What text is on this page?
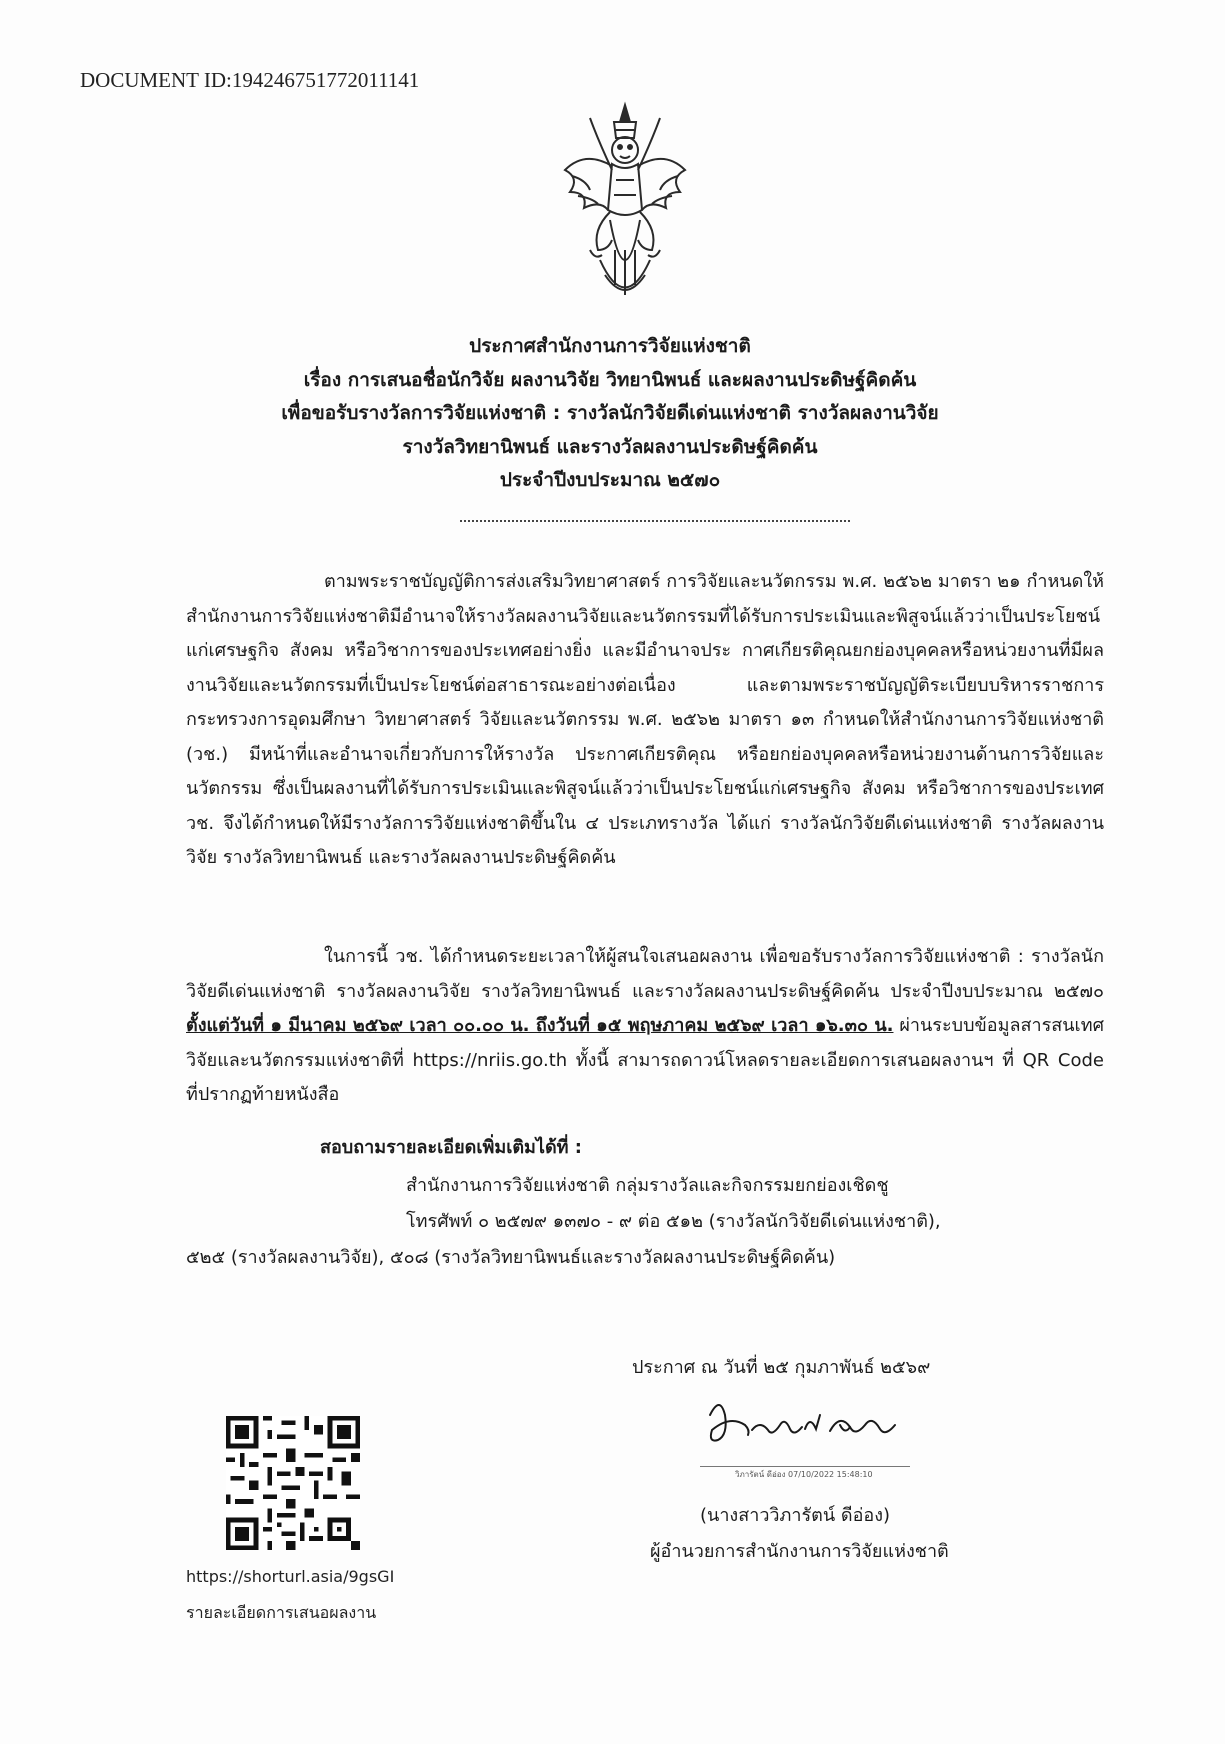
DOCUMENT ID:194246751772011141
ประกาศสำนักงานการวิจัยแห่งชาติ
เรื่อง การเสนอชื่อนักวิจัย ผลงานวิจัย วิทยานิพนธ์ และผลงานประดิษฐ์คิดค้น
เพื่อขอรับรางวัลการวิจัยแห่งชาติ : รางวัลนักวิจัยดีเด่นแห่งชาติ รางวัลผลงานวิจัย
รางวัลวิทยานิพนธ์ และรางวัลผลงานประดิษฐ์คิดค้น
ประจำปีงบประมาณ ๒๕๗๐
ตามพระราชบัญญัติการส่งเสริมวิทยาศาสตร์ การวิจัยและนวัตกรรม พ.ศ. ๒๕๖๒ มาตรา ๒๑ กำหนดให้สำนักงานการวิจัยแห่งชาติมีอำนาจให้รางวัลผลงานวิจัยและนวัตกรรมที่ได้รับการประเมินและพิสูจน์แล้วว่าเป็นประโยชน์แก่เศรษฐกิจ สังคม หรือวิชาการของประเทศอย่างยิ่ง และมีอำนาจประ กาศเกียรติคุณยกย่องบุคคลหรือหน่วยงานที่มีผลงานวิจัยและนวัตกรรมที่เป็นประโยชน์ต่อสาธารณะอย่างต่อเนื่อง และตามพระราชบัญญัติระเบียบบริหารราชการกระทรวงการอุดมศึกษา วิทยาศาสตร์ วิจัยและนวัตกรรม พ.ศ. ๒๕๖๒ มาตรา ๑๓ กำหนดให้สำนักงานการวิจัยแห่งชาติ (วช.) มีหน้าที่และอำนาจเกี่ยวกับการให้รางวัล ประกาศเกียรติคุณ หรือยกย่องบุคคลหรือหน่วยงานด้านการวิจัยและนวัตกรรม ซึ่งเป็นผลงานที่ได้รับการประเมินและพิสูจน์แล้วว่าเป็นประโยชน์แก่เศรษฐกิจ สังคม หรือวิชาการของประเทศ วช. จึงได้กำหนดให้มีรางวัลการวิจัยแห่งชาติขึ้นใน ๔ ประเภทรางวัล ได้แก่ รางวัลนักวิจัยดีเด่นแห่งชาติ รางวัลผลงานวิจัย รางวัลวิทยานิพนธ์ และรางวัลผลงานประดิษฐ์คิดค้น
ในการนี้ วช. ได้กำหนดระยะเวลาให้ผู้สนใจเสนอผลงาน เพื่อขอรับรางวัลการวิจัยแห่งชาติ : รางวัลนักวิจัยดีเด่นแห่งชาติ รางวัลผลงานวิจัย รางวัลวิทยานิพนธ์ และรางวัลผลงานประดิษฐ์คิดค้น ประจำปีงบประมาณ ๒๕๗๐ ตั้งแต่วันที่ ๑ มีนาคม ๒๕๖๙ เวลา ๐๐.๐๐ น. ถึงวันที่ ๑๕ พฤษภาคม ๒๕๖๙ เวลา ๑๖.๓๐ น. ผ่านระบบข้อมูลสารสนเทศวิจัยและนวัตกรรมแห่งชาติที่ https://nriis.go.th ทั้งนี้ สามารถดาวน์โหลดรายละเอียดการเสนอผลงานฯ ที่ QR Code ที่ปรากฏท้ายหนังสือ
สอบถามรายละเอียดเพิ่มเติมได้ที่ :
สำนักงานการวิจัยแห่งชาติ กลุ่มรางวัลและกิจกรรมยกย่องเชิดชู
โทรศัพท์ ๐ ๒๕๗๙ ๑๓๗๐ - ๙ ต่อ ๕๑๒ (รางวัลนักวิจัยดีเด่นแห่งชาติ),
๕๒๕ (รางวัลผลงานวิจัย), ๕๐๘ (รางวัลวิทยานิพนธ์และรางวัลผลงานประดิษฐ์คิดค้น)
ประกาศ ณ วันที่ ๒๕ กุมภาพันธ์ ๒๕๖๙
วิภารัตน์ ดีอ่อง 07/10/2022 15:48:10
(นางสาววิภารัตน์ ดีอ่อง)
ผู้อำนวยการสำนักงานการวิจัยแห่งชาติ
https://shorturl.asia/9gsGI
รายละเอียดการเสนอผลงาน
